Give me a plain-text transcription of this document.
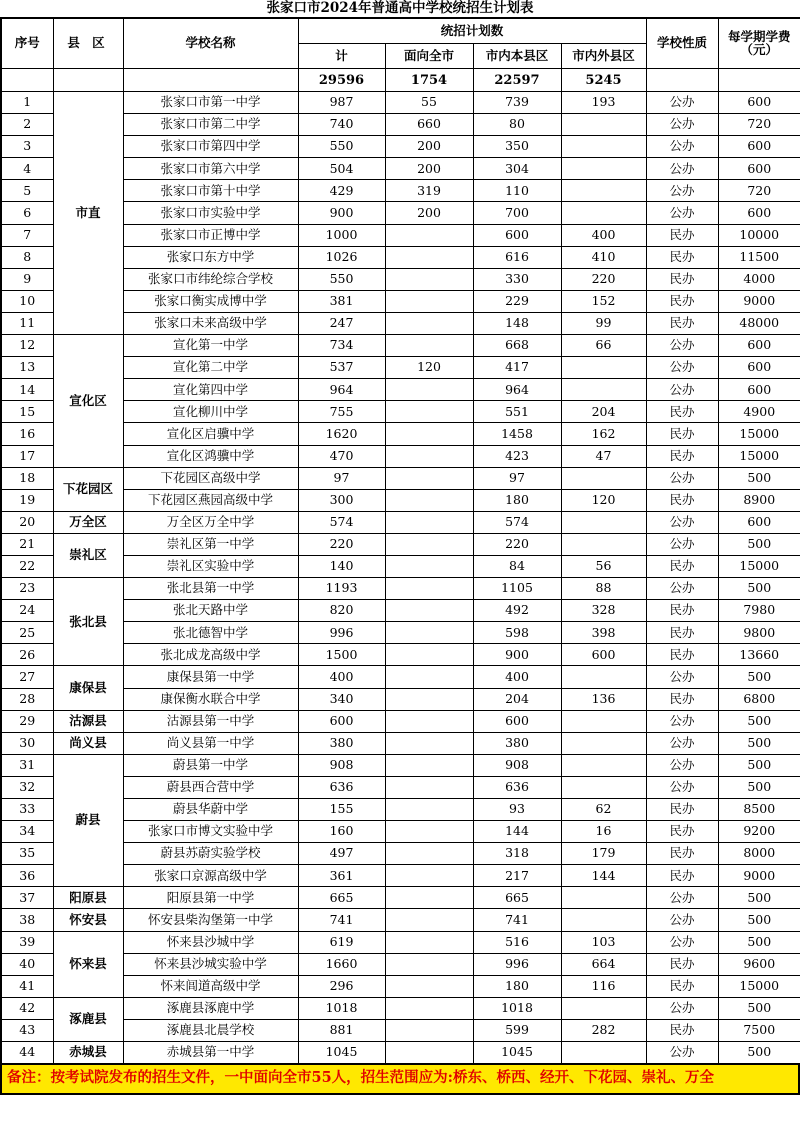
张家口市2024年普通高中学校统招生计划表
序号	县 区	学校名称	统招计划数				学校性质	每学期学费
（元）
			计	面向全市	市内本县区	市内外县区		
			29596	1754	22597	5245		
1	市直	张家口市第一中学	987	55	739	193	公办	600
2		张家口市第二中学	740	660	80		公办	720
3		张家口市第四中学	550	200	350		公办	600
4		张家口市第六中学	504	200	304		公办	600
5		张家口市第十中学	429	319	110		公办	720
6		张家口市实验中学	900	200	700		公办	600
7		张家口市正博中学	1000		600	400	民办	10000
8		张家口东方中学	1026		616	410	民办	11500
9		张家口市纬纶综合学校	550		330	220	民办	4000
10		张家口衡实成博中学	381		229	152	民办	9000
11		张家口未来高级中学	247		148	99	民办	48000
12	宣化区	宣化第一中学	734		668	66	公办	600
13		宣化第二中学	537	120	417		公办	600
14		宣化第四中学	964		964		公办	600
15		宣化柳川中学	755		551	204	民办	4900
16		宣化区启骥中学	1620		1458	162	民办	15000
17		宣化区鸿骥中学	470		423	47	民办	15000
18	下花园区	下花园区高级中学	97		97		公办	500
19		下花园区燕园高级中学	300		180	120	民办	8900
20	万全区	万全区万全中学	574		574		公办	600
21	崇礼区	崇礼区第一中学	220		220		公办	500
22		崇礼区实验中学	140		84	56	民办	15000
23	张北县	张北县第一中学	1193		1105	88	公办	500
24		张北天路中学	820		492	328	民办	7980
25		张北德智中学	996		598	398	民办	9800
26		张北成龙高级中学	1500		900	600	民办	13660
27	康保县	康保县第一中学	400		400		公办	500
28		康保衡水联合中学	340		204	136	民办	6800
29	沽源县	沽源县第一中学	600		600		公办	500
30	尚义县	尚义县第一中学	380		380		公办	500
31	蔚县	蔚县第一中学	908		908		公办	500
32		蔚县西合营中学	636		636		公办	500
33		蔚县华蔚中学	155		93	62	民办	8500
34		张家口市博文实验中学	160		144	16	民办	9200
35		蔚县苏蔚实验学校	497		318	179	民办	8000
36		张家口京源高级中学	361		217	144	民办	9000
37	阳原县	阳原县第一中学	665		665		公办	500
38	怀安县	怀安县柴沟堡第一中学	741		741		公办	500
39	怀来县	怀来县沙城中学	619		516	103	公办	500
40		怀来县沙城实验中学	1660		996	664	民办	9600
41		怀来闾道高级中学	296		180	116	民办	15000
42	涿鹿县	涿鹿县涿鹿中学	1018		1018		公办	500
43		涿鹿县北晨学校	881		599	282	民办	7500
44	赤城县	赤城县第一中学	1045		1045		公办	500
备注：按考试院发布的招生文件，一中面向全市55人，招生范围应为:桥东、桥西、经开、下花园、崇礼、万全
